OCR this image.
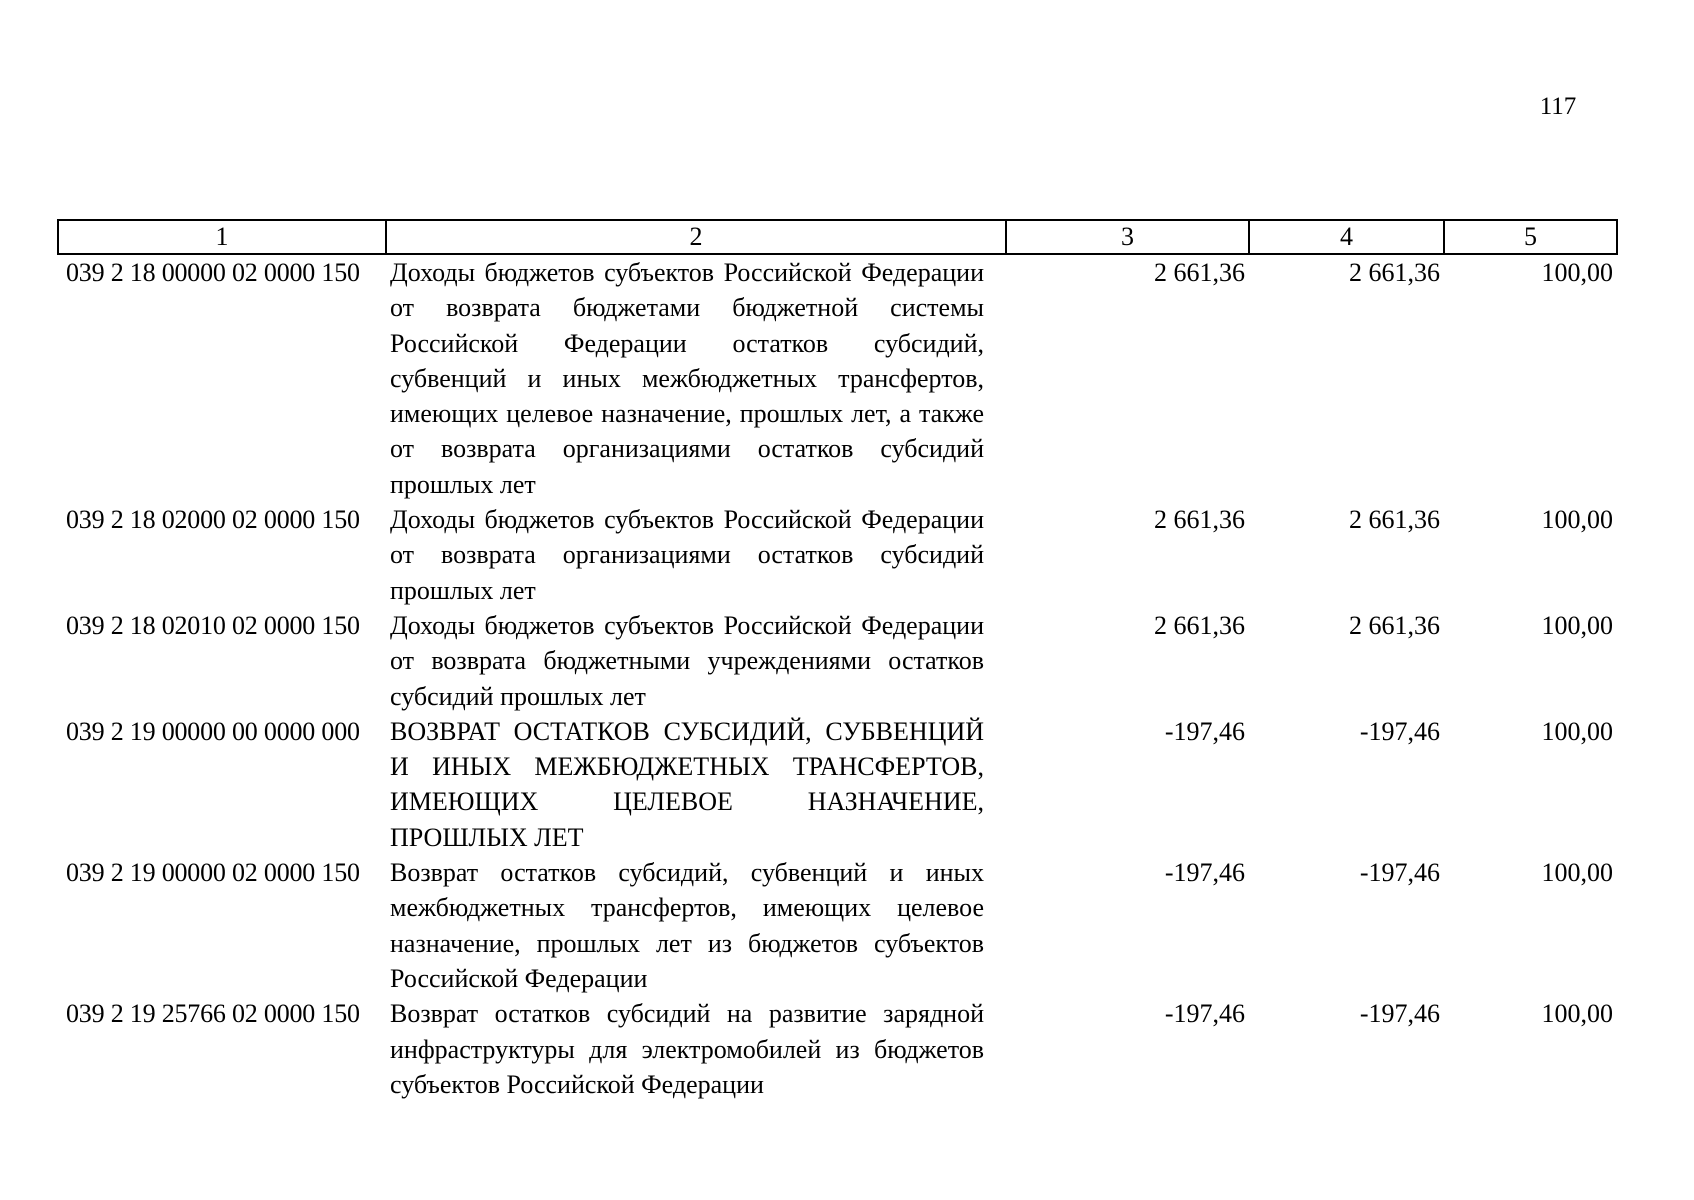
117
1	2	3	4	5
039 2 18 00000 02 0000 150	Доходы бюджетов субъектов Российской Федерации от возврата бюджетами бюджетной системы Российской Федерации остатков субсидий, субвенций и иных межбюджетных трансфертов, имеющих целевое назначение, прошлых лет, а также от возврата организациями остатков субсидий прошлых лет	2 661,36	2 661,36	100,00
039 2 18 02000 02 0000 150	Доходы бюджетов субъектов Российской Федерации от возврата организациями остатков субсидий прошлых лет	2 661,36	2 661,36	100,00
039 2 18 02010 02 0000 150	Доходы бюджетов субъектов Российской Федерации от возврата бюджетными учреждениями остатков субсидий прошлых лет	2 661,36	2 661,36	100,00
039 2 19 00000 00 0000 000	ВОЗВРАТ ОСТАТКОВ СУБСИДИЙ, СУБВЕНЦИЙ И ИНЫХ МЕЖБЮДЖЕТНЫХ ТРАНСФЕРТОВ, ИМЕЮЩИХ ЦЕЛЕВОЕ НАЗНАЧЕНИЕ, ПРОШЛЫХ ЛЕТ	-197,46	-197,46	100,00
039 2 19 00000 02 0000 150	Возврат остатков субсидий, субвенций и иных межбюджетных трансфертов, имеющих целевое назначение, прошлых лет из бюджетов субъектов Российской Федерации	-197,46	-197,46	100,00
039 2 19 25766 02 0000 150	Возврат остатков субсидий на развитие зарядной инфраструктуры для электромобилей из бюджетов субъектов Российской Федерации	-197,46	-197,46	100,00
